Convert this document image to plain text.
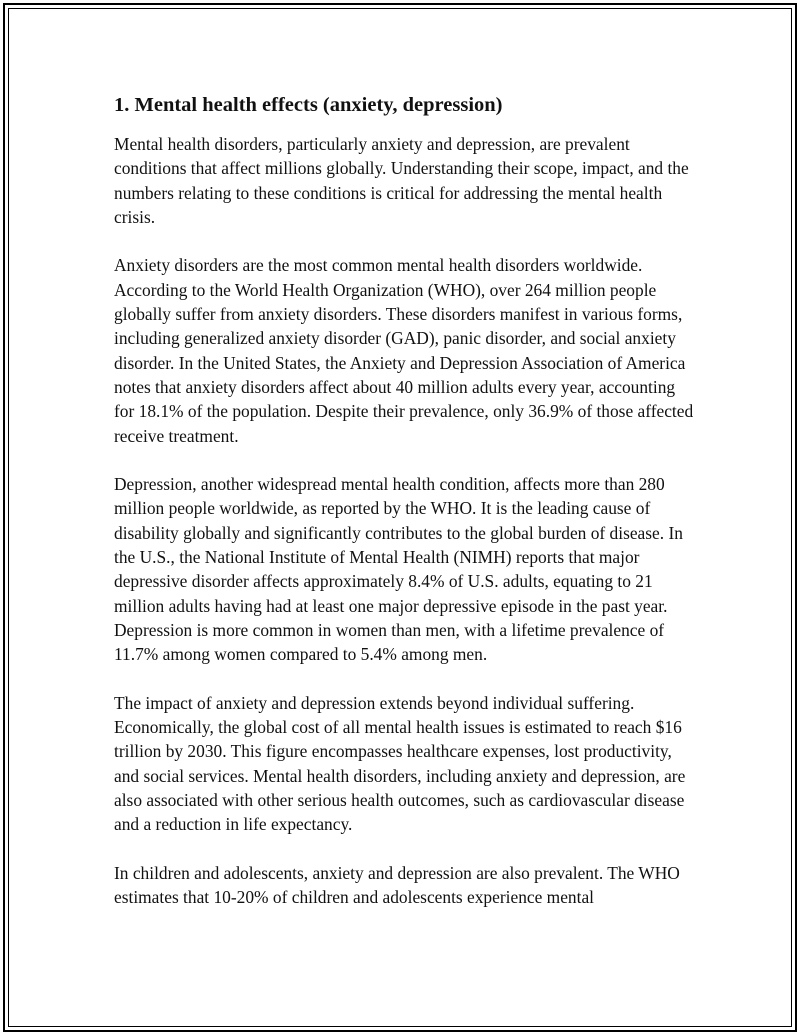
1. Mental health effects (anxiety, depression)

Mental health disorders, particularly anxiety and depression, are prevalent conditions that affect millions globally. Understanding their scope, impact, and the numbers relating to these conditions is critical for addressing the mental health crisis.

Anxiety disorders are the most common mental health disorders worldwide. According to the World Health Organization (WHO), over 264 million people globally suffer from anxiety disorders. These disorders manifest in various forms, including generalized anxiety disorder (GAD), panic disorder, and social anxiety disorder. In the United States, the Anxiety and Depression Association of America notes that anxiety disorders affect about 40 million adults every year, accounting for 18.1% of the population. Despite their prevalence, only 36.9% of those affected receive treatment.

Depression, another widespread mental health condition, affects more than 280 million people worldwide, as reported by the WHO. It is the leading cause of disability globally and significantly contributes to the global burden of disease. In the U.S., the National Institute of Mental Health (NIMH) reports that major depressive disorder affects approximately 8.4% of U.S. adults, equating to 21 million adults having had at least one major depressive episode in the past year. Depression is more common in women than men, with a lifetime prevalence of 11.7% among women compared to 5.4% among men.

The impact of anxiety and depression extends beyond individual suffering. Economically, the global cost of all mental health issues is estimated to reach $16 trillion by 2030. This figure encompasses healthcare expenses, lost productivity, and social services. Mental health disorders, including anxiety and depression, are also associated with other serious health outcomes, such as cardiovascular disease and a reduction in life expectancy.

In children and adolescents, anxiety and depression are also prevalent. The WHO estimates that 10-20% of children and adolescents experience mental
